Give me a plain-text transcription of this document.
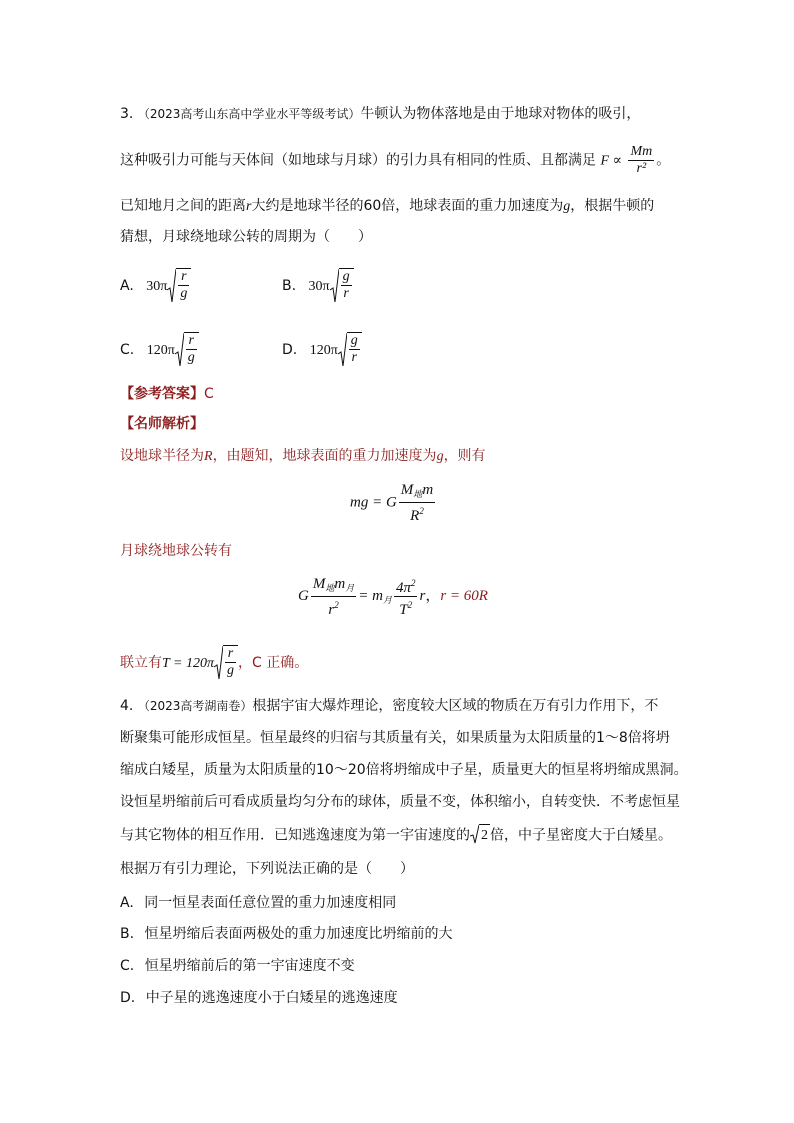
3. （2023高考山东高中学业水平等级考试）牛顿认为物体落地是由于地球对物体的吸引，
这种吸引力可能与天体间（如地球与月球）的引力具有相同的性质、且都满足 $F \propto \frac{Mm}{\text{r²}}$ 。
已知地月之间的距离r大约是地球半径的60倍，地球表面的重力加速度为g，根据牛顿的
猜想，月球绕地球公转的周期为（　　）
A. $30\pi \frac{r}{g}$	B. $30\pi \frac{g}{r}$
C. $120\pi \frac{r}{g}$	D. $120\pi \frac{g}{r}$
【参考答案】C
【名师解析】
设地球半径为R，由题知，地球表面的重力加速度为g，则有
mg = G $\frac{M_地m}{R^2}$
月球绕地球公转有
G $\frac{M_地m_月}{r^2} = m_月 \frac{4\pi^2}{T^2}$ r，r = 60R
联立有$T = 120\pi \frac{r}{g}$ ，C 正确。
4. （2023高考湖南卷）根据宇宙大爆炸理论，密度较大区域的物质在万有引力作用下，不
断聚集可能形成恒星。恒星最终的归宿与其质量有关，如果质量为太阳质量的1～8倍将坍
缩成白矮星，质量为太阳质量的10～20倍将坍缩成中子星，质量更大的恒星将坍缩成黑洞。
设恒星坍缩前后可看成质量均匀分布的球体，质量不变，体积缩小，自转变快．不考虑恒星
与其它物体的相互作用．已知逃逸速度为第一宇宙速度的 2 倍，中子星密度大于白矮星。
根据万有引力理论，下列说法正确的是（　　）
A. 同一恒星表面任意位置的重力加速度相同
B. 恒星坍缩后表面两极处的重力加速度比坍缩前的大
C. 恒星坍缩前后的第一宇宙速度不变
D. 中子星的逃逸速度小于白矮星的逃逸速度
